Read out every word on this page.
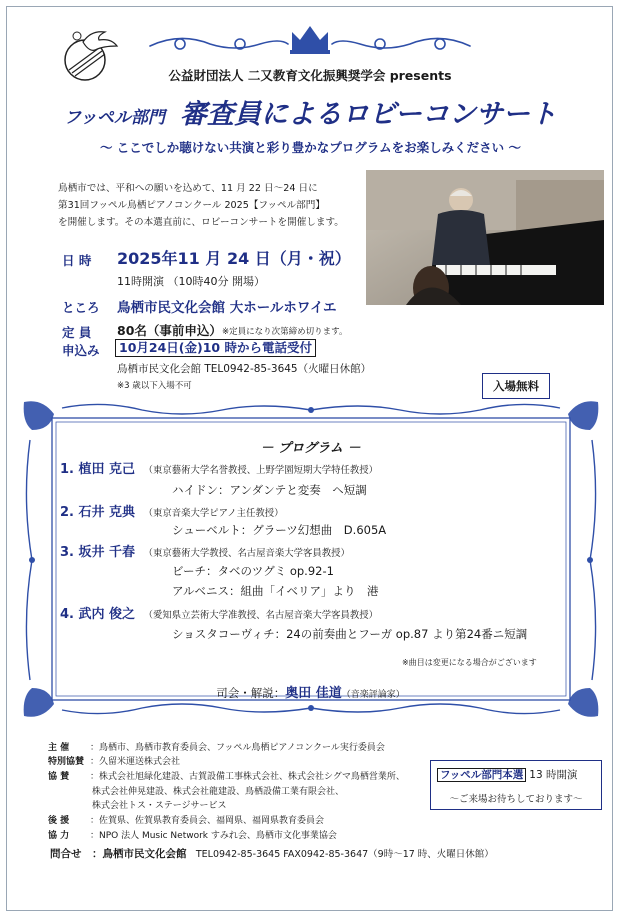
公益財団法人 二又教育文化振興奨学会 presents
フッペル部門 審査員によるロビーコンサート
～ ここでしか聴けない共演と彩り豊かなプログラムをお楽しみください ～
鳥栖市では、平和への願いを込めて、11 月 22 日～24 日に
第31回フッペル鳥栖ピアノコンクール 2025【フッペル部門】
を開催します。その本選直前に、ロビーコンサートを開催します。
日 時 2025年11 月 24 日（月・祝）
11時開演 （10時40分 開場）
ところ 鳥栖市民文化会館 大ホールホワイエ
定 員 80名（事前申込） ※定員になり次第締め切ります。
申込み	10月24日(金)10 時から電話受付
鳥栖市民文化会館 TEL0942-85-3645（火曜日休館）
※3 歳以下入場不可	入場無料
－ プログラム －
1. 植田 克己 （東京藝術大学名誉教授、上野学園短期大学特任教授）
ハイドン：アンダンテと変奏　ヘ短調
2. 石井 克典 （東京音楽大学ピアノ主任教授）
シューベルト：グラーツ幻想曲　D.605A
3. 坂井 千春 （東京藝術大学教授、名古屋音楽大学客員教授）
ビーチ：タベのツグミ op.92-1
アルベニス：組曲「イベリア」より　港
4. 武内 俊之 （愛知県立芸術大学准教授、名古屋音楽大学客員教授）
ショスタコーヴィチ：24の前奏曲とフーガ op.87 より第24番ニ短調
※曲目は変更になる場合がございます
司会・解説：奥田 佳道（音楽評論家）
主 催 ：鳥栖市、鳥栖市教育委員会、フッペル鳥栖ピアノコンクール実行委員会
特別協賛 ：久留米運送株式会社
協 賛 ：株式会社旭緑化建設、古賀設備工事株式会社、株式会社シグマ鳥栖営業所、
株式会社伸晃建設、株式会社龍建設、鳥栖設備工業有限会社、
株式会社トス・ステージサービス
後 援 ：佐賀県、佐賀県教育委員会、福岡県、福岡県教育委員会
協 力 ：NPO 法人 Music Network すみれ会、鳥栖市文化事業協会
問合せ ：鳥栖市民文化会館 TEL0942-85-3645 FAX0942-85-3647（9時～17 時、火曜日休館）
フッペル部門本選 13 時開演
～ご来場お待ちしております～
